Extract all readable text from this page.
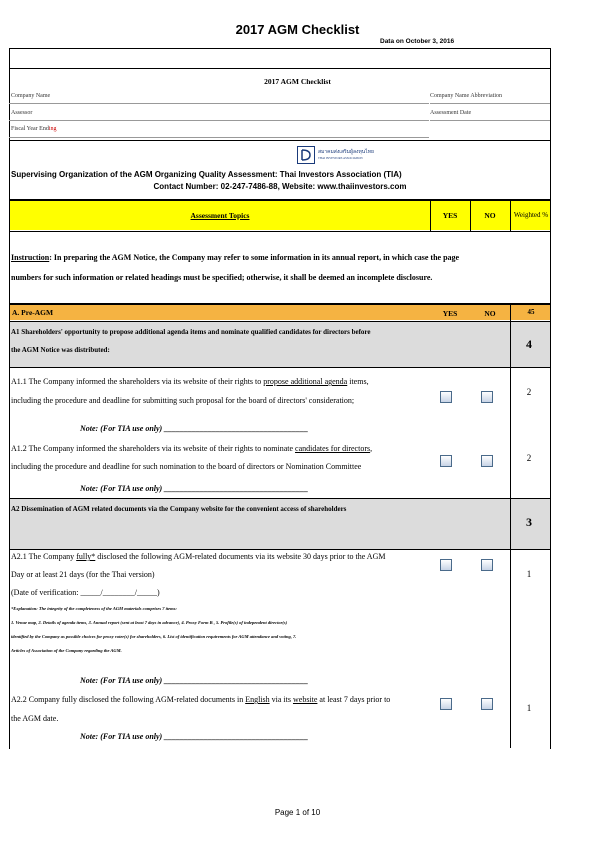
2017 AGM Checklist
Data on October 3, 2016
2017 AGM Checklist
Company Name	Company Name Abbreviation
Assessor	Assessment Date
Fiscal Year Ending
สมาคมส่งเสริมผู้ลงทุนไทย
THAI INVESTORS ASSOCIATION
Supervising Organization of the AGM Organizing Quality Assessment: Thai Investors Association (TIA)
Contact Number: 02-247-7486-88, Website: www.thaiinvestors.com
Assessment Topics	YES	NO	Weighted %
Instruction: In preparing the AGM Notice, the Company may refer to some information in its annual report, in which case the page
numbers for such information or related headings must be specified; otherwise, it shall be deemed an incomplete disclosure.
A. Pre-AGM	YES	NO	45
A1 Shareholders' opportunity to propose additional agenda items and nominate qualified candidates for directors before
the AGM Notice was distributed:	4
A1.1 The Company informed the shareholders via its website of their rights to propose additional agenda items,
including the procedure and deadline for submitting such proposal for the board of directors' consideration;
Note: (For TIA use only) ____________________________________
2
A1.2 The Company informed the shareholders via its website of their rights to nominate candidates for directors,
including the procedure and deadline for such nomination to the board of directors or Nomination Committee
Note: (For TIA use only) ____________________________________
2
A2 Dissemination of AGM related documents via the Company website for the convenient access of shareholders
3
A2.1 The Company fully* disclosed the following AGM-related documents via its website 30 days prior to the AGM
Day or at least 21 days (for the Thai version)
(Date of verification: _____/________/_____)
*Explanation: The integrity of the completeness of the AGM materials comprises 7 items:
1. Venue map, 2. Details of agenda items, 3. Annual report (sent at least 7 days in advance), 4. Proxy Form B , 5. Profile(s) of independent director(s)
identified by the Company as possible choices for proxy voter(s) for shareholders, 6. List of identification requirements for AGM attendance and voting, 7.
Articles of Association of the Company regarding the AGM.
Note: (For TIA use only) ____________________________________
1
A2.2 Company fully disclosed the following AGM-related documents in English via its website at least 7 days prior to
the AGM date.
Note: (For TIA use only) ____________________________________
1
Page 1 of 10
